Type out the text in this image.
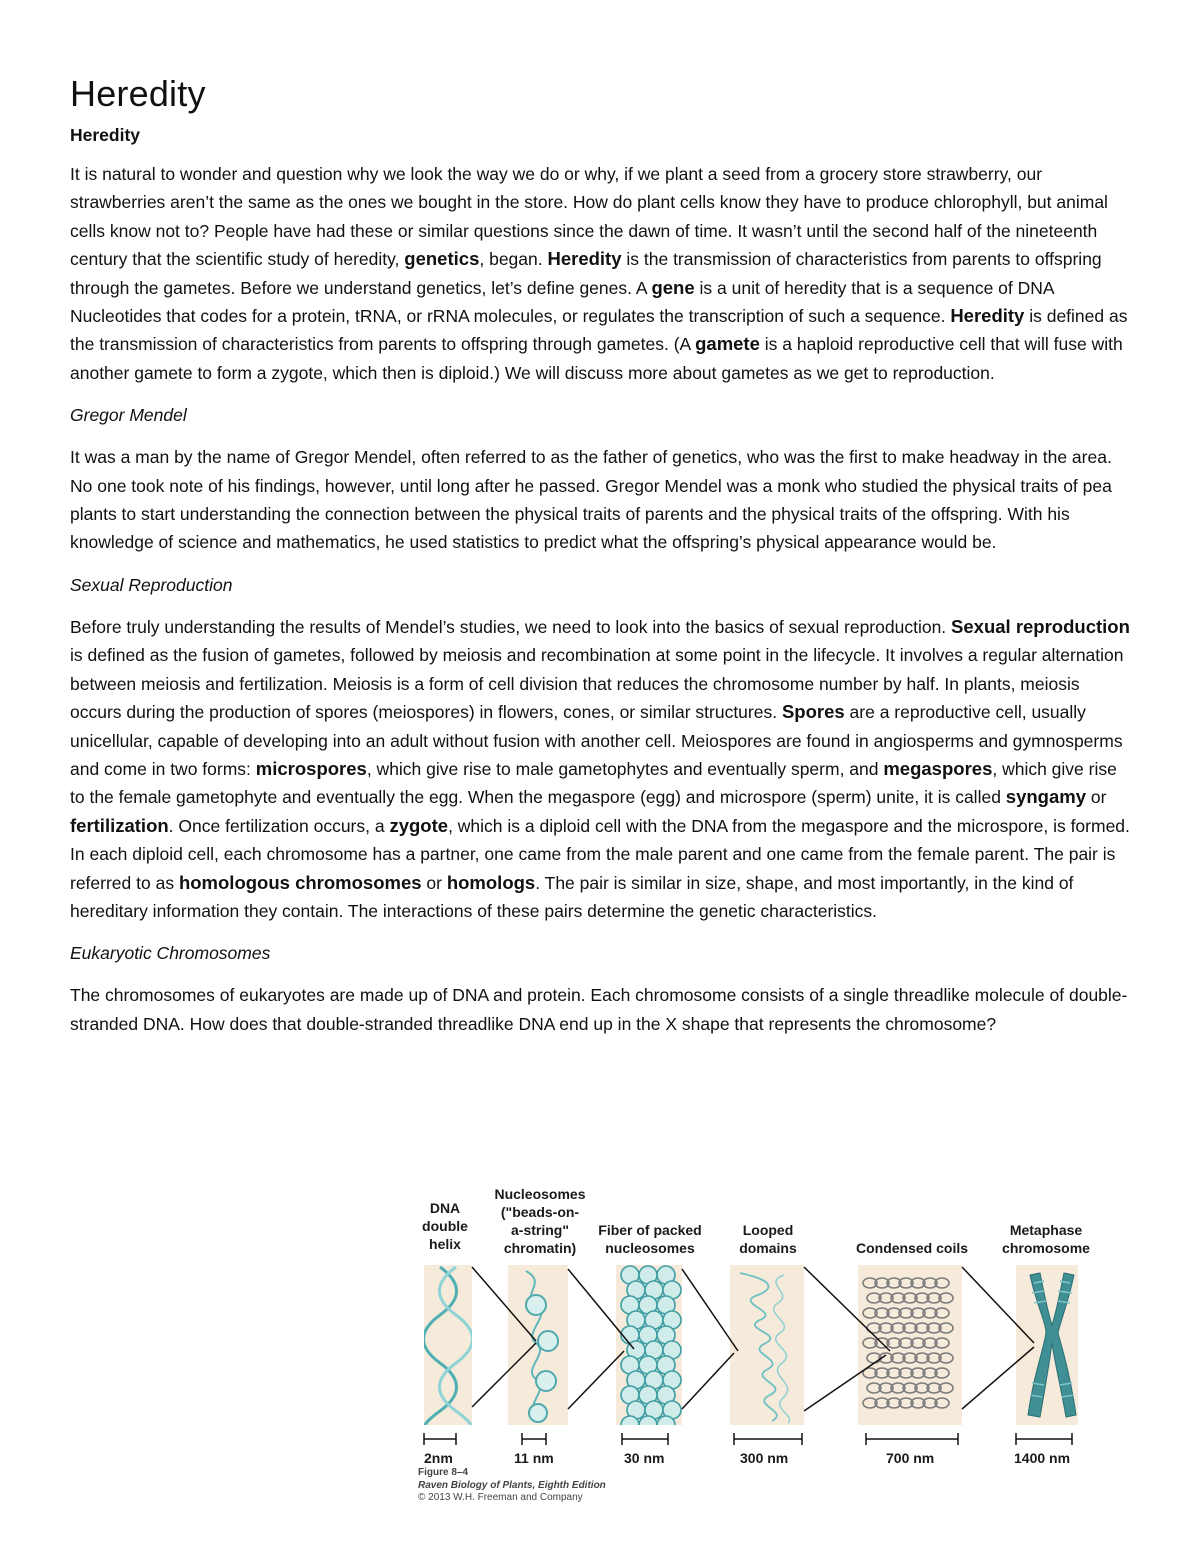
Heredity
Heredity

It is natural to wonder and question why we look the way we do or why, if we plant a seed from a grocery store strawberry, our strawberries aren’t the same as the ones we bought in the store. How do plant cells know they have to produce chlorophyll, but animal cells know not to? People have had these or similar questions since the dawn of time. It wasn’t until the second half of the nineteenth century that the scientific study of heredity, genetics, began. Heredity is the transmission of characteristics from parents to offspring through the gametes. Before we understand genetics, let’s define genes. A gene is a unit of heredity that is a sequence of DNA Nucleotides that codes for a protein, tRNA, or rRNA molecules, or regulates the transcription of such a sequence. Heredity is defined as the transmission of characteristics from parents to offspring through gametes. (A gamete is a haploid reproductive cell that will fuse with another gamete to form a zygote, which then is diploid.) We will discuss more about gametes as we get to reproduction.

Gregor Mendel

It was a man by the name of Gregor Mendel, often referred to as the father of genetics, who was the first to make headway in the area. No one took note of his findings, however, until long after he passed. Gregor Mendel was a monk who studied the physical traits of pea plants to start understanding the connection between the physical traits of parents and the physical traits of the offspring. With his knowledge of science and mathematics, he used statistics to predict what the offspring’s physical appearance would be.

Sexual Reproduction

Before truly understanding the results of Mendel’s studies, we need to look into the basics of sexual reproduction. Sexual reproduction is defined as the fusion of gametes, followed by meiosis and recombination at some point in the lifecycle. It involves a regular alternation between meiosis and fertilization. Meiosis is a form of cell division that reduces the chromosome number by half. In plants, meiosis occurs during the production of spores (meiospores) in flowers, cones, or similar structures. Spores are a reproductive cell, usually unicellular, capable of developing into an adult without fusion with another cell. Meiospores are found in angiosperms and gymnosperms and come in two forms: microspores, which give rise to male gametophytes and eventually sperm, and megaspores, which give rise to the female gametophyte and eventually the egg. When the megaspore (egg) and microspore (sperm) unite, it is called syngamy or fertilization. Once fertilization occurs, a zygote, which is a diploid cell with the DNA from the megaspore and the microspore, is formed. In each diploid cell, each chromosome has a partner, one came from the male parent and one came from the female parent. The pair is referred to as homologous chromosomes or homologs. The pair is similar in size, shape, and most importantly, in the kind of hereditary information they contain. The interactions of these pairs determine the genetic characteristics.

Eukaryotic Chromosomes

The chromosomes of eukaryotes are made up of DNA and protein. Each chromosome consists of a single threadlike molecule of double-stranded DNA. How does that double-stranded threadlike DNA end up in the X shape that represents the chromosome?

DNA double helix
Nucleosomes ("beads-on-a-string" chromatin)
Fiber of packed nucleosomes
Looped domains	Condensed coils
Metaphase chromosome
2nm	11 nm	30 nm	300 nm	700 nm	1400 nm
Figure 8–4
Raven Biology of Plants, Eighth Edition
© 2013 W.H. Freeman and Company
